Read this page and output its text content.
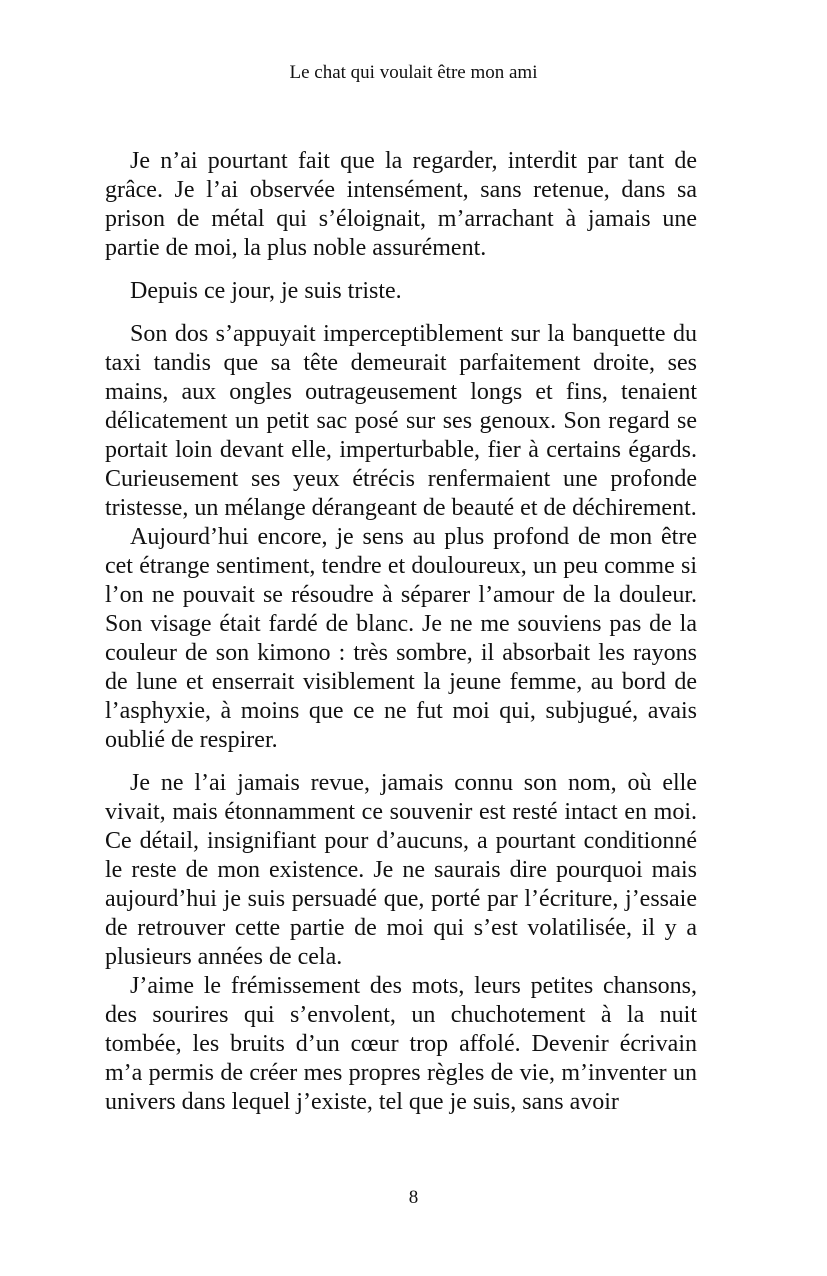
Le chat qui voulait être mon ami

Je n’ai pourtant fait que la regarder, interdit par tant de grâce. Je l’ai observée intensément, sans retenue, dans sa prison de métal qui s’éloignait, m’arrachant à jamais une partie de moi, la plus noble assurément.

Depuis ce jour, je suis triste.

Son dos s’appuyait imperceptiblement sur la banquette du taxi tandis que sa tête demeurait parfaitement droite, ses mains, aux ongles outrageusement longs et fins, tenaient délicatement un petit sac posé sur ses genoux. Son regard se portait loin devant elle, imperturbable, fier à certains égards. Curieusement ses yeux étrécis renfermaient une profonde tristesse, un mélange dérangeant de beauté et de déchirement.

Aujourd’hui encore, je sens au plus profond de mon être cet étrange sentiment, tendre et douloureux, un peu comme si l’on ne pouvait se résoudre à séparer l’amour de la douleur. Son visage était fardé de blanc. Je ne me souviens pas de la couleur de son kimono : très sombre, il absorbait les rayons de lune et enserrait visiblement la jeune femme, au bord de l’asphyxie, à moins que ce ne fut moi qui, subjugué, avais oublié de respirer.

Je ne l’ai jamais revue, jamais connu son nom, où elle vivait, mais étonnamment ce souvenir est resté intact en moi. Ce détail, insignifiant pour d’aucuns, a pourtant conditionné le reste de mon existence. Je ne saurais dire pourquoi mais aujourd’hui je suis persuadé que, porté par l’écriture, j’essaie de retrouver cette partie de moi qui s’est volatilisée, il y a plusieurs années de cela.

J’aime le frémissement des mots, leurs petites chansons, des sourires qui s’envolent, un chuchotement à la nuit tombée, les bruits d’un cœur trop affolé. Devenir écrivain m’a permis de créer mes propres règles de vie, m’inventer un univers dans lequel j’existe, tel que je suis, sans avoir

8
